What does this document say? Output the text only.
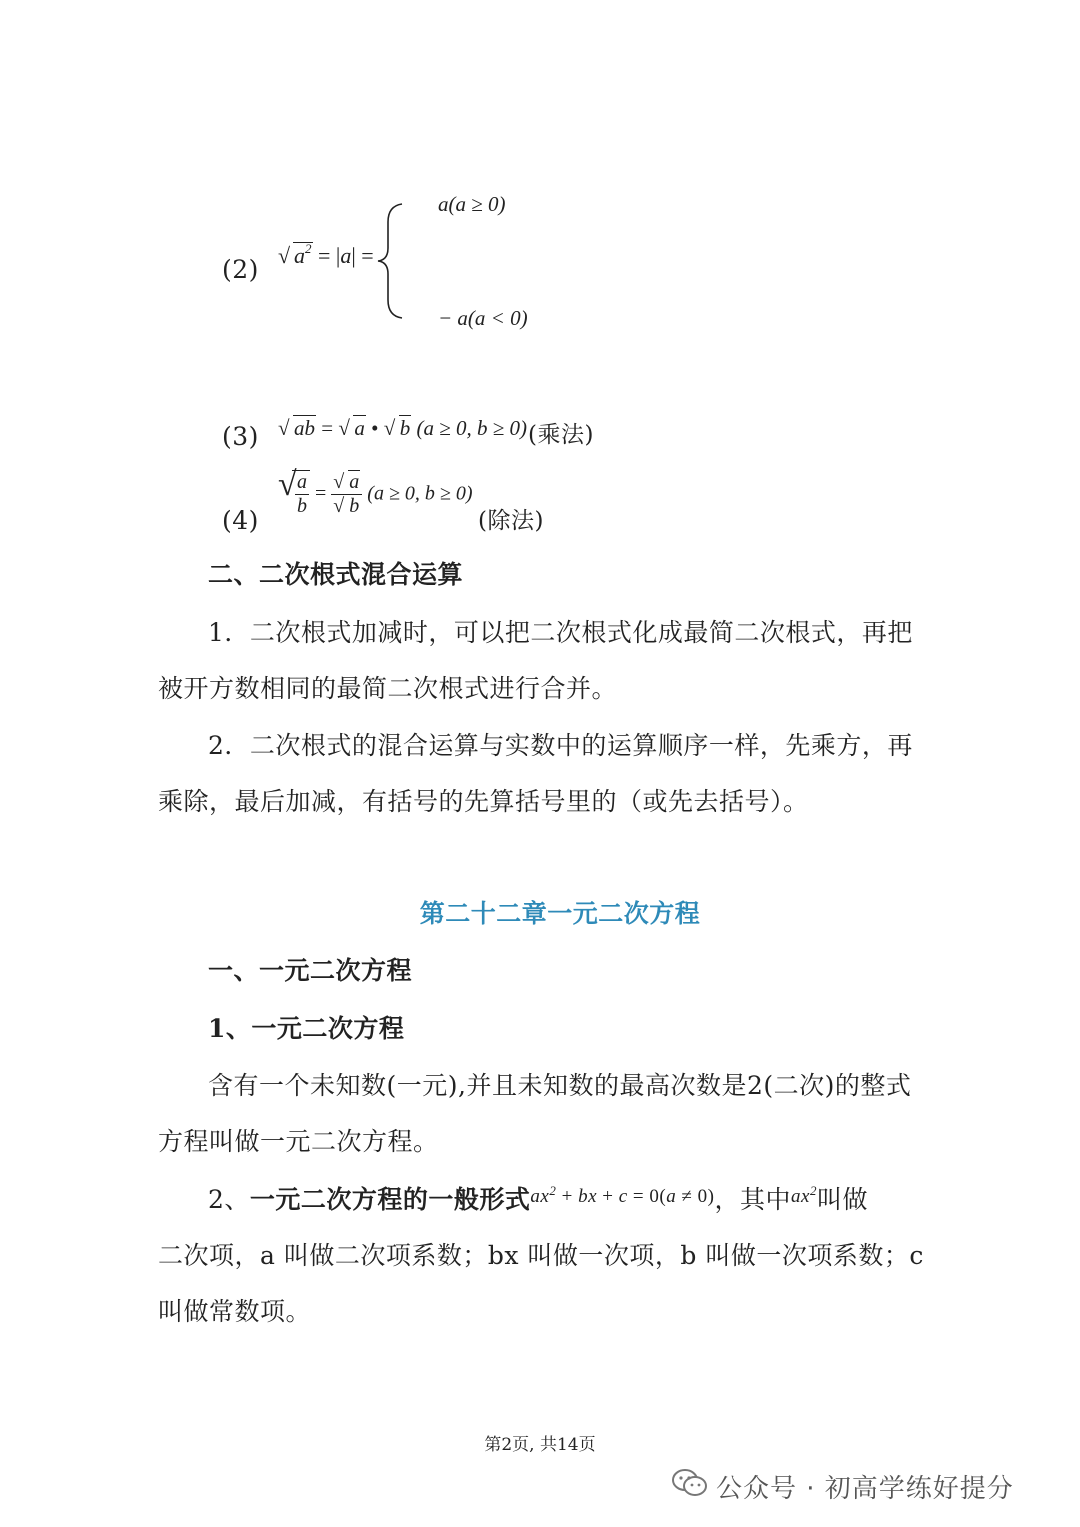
(2) √ $a^2 = |a|$ =
a(a ≥ 0)
− a(a < 0)
(3) √ ab = √ a • √ b (a ≥ 0, b ≥ 0) (乘法)
(4)
√
$\frac{a}{b} = \frac{√ a}{√ b} (a \ge 0$, b ≥ 0)
(除法)
二、二次根式混合运算
1．二次根式加减时，可以把二次根式化成最简二次根式，再把
被开方数相同的最简二次根式进行合并。
2．二次根式的混合运算与实数中的运算顺序一样，先乘方，再
乘除，最后加减，有括号的先算括号里的（或先去括号）。
第二十二章一元二次方程
一、一元二次方程
1、一元二次方程
含有一个未知数(一元),并且未知数的最高次数是2(二次)的整式
方程叫做一元二次方程。
2、一元二次方程的一般形式$^{ax^2 + bx + c = 0(a \ne 0)}$，其中$^{ax^2}$叫做
二次项，a 叫做二次项系数；bx 叫做一次项，b 叫做一次项系数；c
叫做常数项。
第2页, 共14页
公众号 · 初高学练好提分
